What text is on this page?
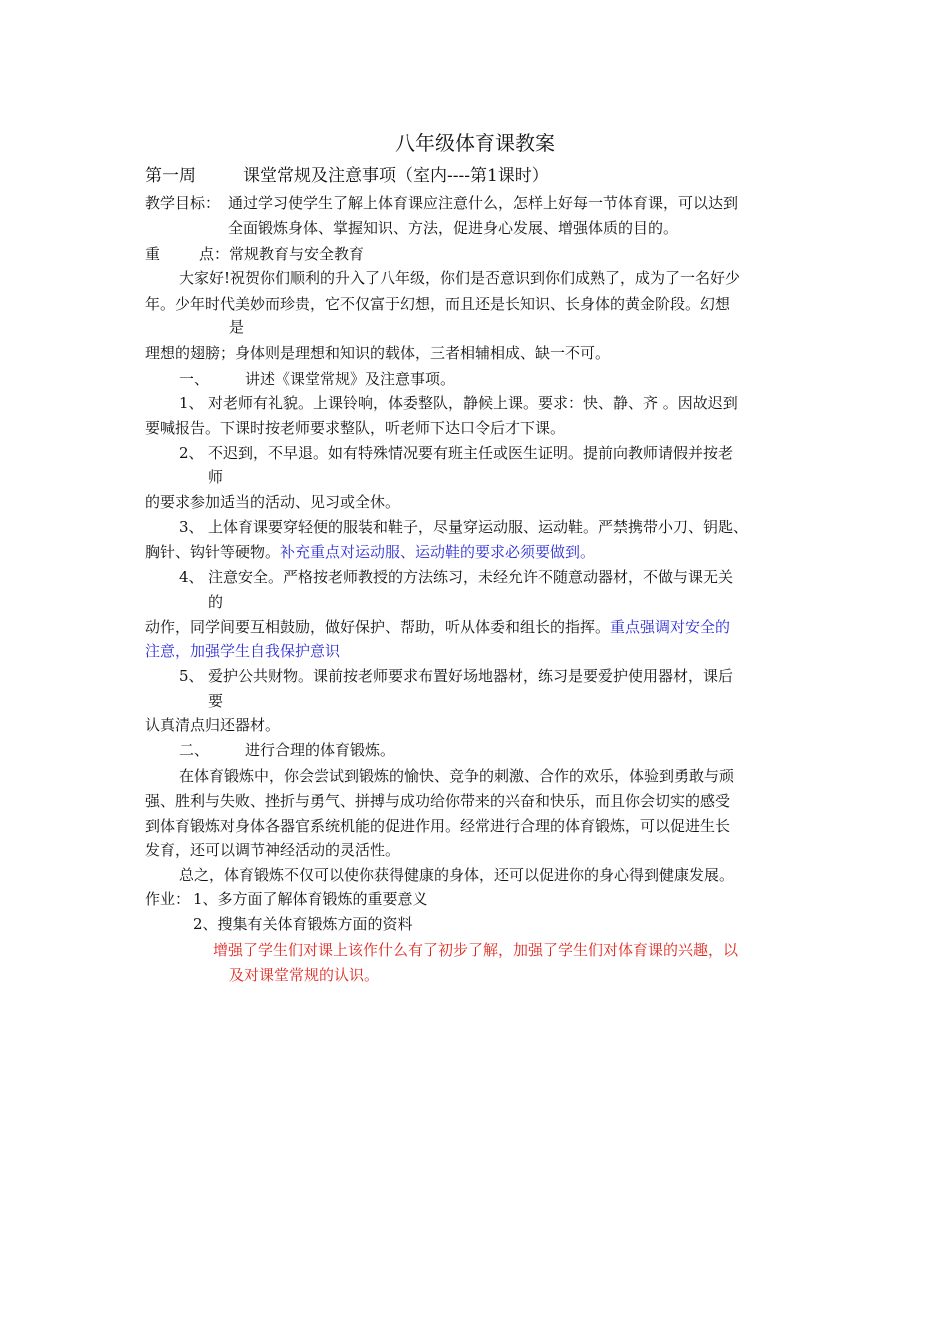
八年级体育课教案
第一周	课堂常规及注意事项（室内----第1课时）
教学目标： 通过学习使学生了解上体育课应注意什么，怎样上好每一节体育课，可以达到
全面锻炼身体、掌握知识、方法，促进身心发展、增强体质的目的。
重	点： 常规教育与安全教育
大家好!祝贺你们顺利的升入了八年级，你们是否意识到你们成熟了，成为了一名好少
年。少年时代美妙而珍贵，它不仅富于幻想，而且还是长知识、长身体的黄金阶段。幻想
是
理想的翅膀；身体则是理想和知识的载体，三者相辅相成、缺一不可。
一、 讲述《课堂常规》及注意事项。
1、 对老师有礼貌。上课铃响，体委整队，静候上课。要求：快、静、齐 。因故迟到
要喊报告。下课时按老师要求整队，听老师下达口令后才下课。
2、 不迟到，不早退。如有特殊情况要有班主任或医生证明。提前向教师请假并按老
师
的要求参加适当的活动、见习或全休。
3、 上体育课要穿轻便的服装和鞋子，尽量穿运动服、运动鞋。严禁携带小刀、钥匙、
胸针、钩针等硬物。补充重点对运动服、运动鞋的要求必须要做到。
4、 注意安全。严格按老师教授的方法练习，未经允许不随意动器材，不做与课无关
的
动作，同学间要互相鼓励，做好保护、帮助，听从体委和组长的指挥。重点强调对安全的
注意，加强学生自我保护意识
5、 爱护公共财物。课前按老师要求布置好场地器材，练习是要爱护使用器材，课后
要
认真清点归还器材。
二、 进行合理的体育锻炼。
在体育锻炼中，你会尝试到锻炼的愉快、竞争的刺激、合作的欢乐，体验到勇敢与顽
强、胜利与失败、挫折与勇气、拼搏与成功给你带来的兴奋和快乐，而且你会切实的感受
到体育锻炼对身体各器官系统机能的促进作用。经常进行合理的体育锻炼，可以促进生长
发育，还可以调节神经活动的灵活性。
总之，体育锻炼不仅可以使你获得健康的身体，还可以促进你的身心得到健康发展。
作业： 1、多方面了解体育锻炼的重要意义
2、搜集有关体育锻炼方面的资料
增强了学生们对课上该作什么有了初步了解，加强了学生们对体育课的兴趣，以
及对课堂常规的认识。
